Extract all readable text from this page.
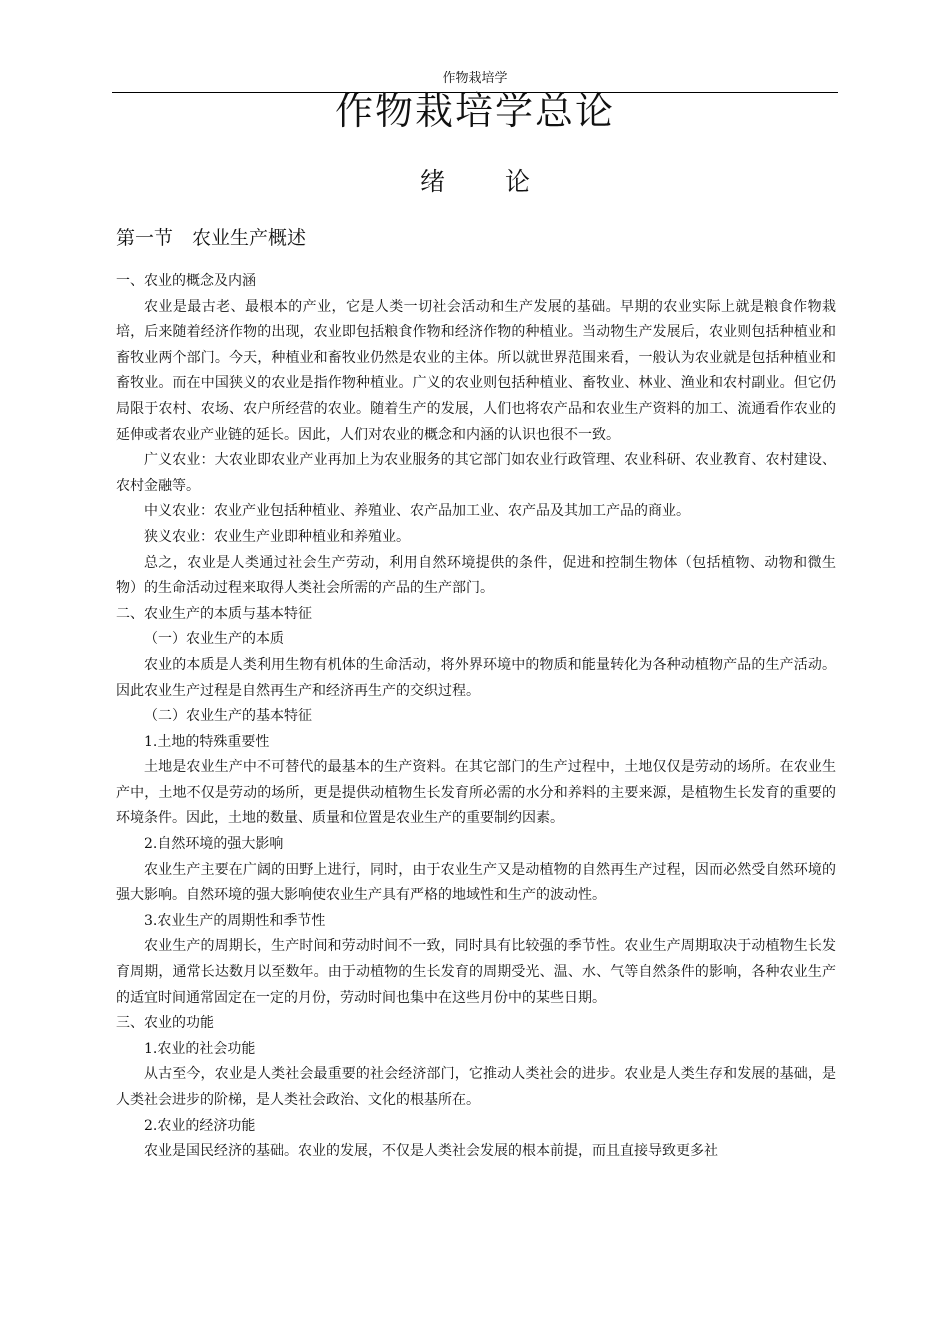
作物栽培学
作物栽培学总论
绪 论
第一节　农业生产概述

一、农业的概念及内涵

农业是最古老、最根本的产业，它是人类一切社会活动和生产发展的基础。早期的农业实际上就是粮食作物栽培，后来随着经济作物的出现，农业即包括粮食作物和经济作物的种植业。当动物生产发展后，农业则包括种植业和畜牧业两个部门。今天，种植业和畜牧业仍然是农业的主体。所以就世界范围来看，一般认为农业就是包括种植业和畜牧业。而在中国狭义的农业是指作物种植业。广义的农业则包括种植业、畜牧业、林业、渔业和农村副业。但它仍局限于农村、农场、农户所经营的农业。随着生产的发展，人们也将农产品和农业生产资料的加工、流通看作农业的延伸或者农业产业链的延长。因此，人们对农业的概念和内涵的认识也很不一致。

广义农业：大农业即农业产业再加上为农业服务的其它部门如农业行政管理、农业科研、农业教育、农村建设、农村金融等。

中义农业：农业产业包括种植业、养殖业、农产品加工业、农产品及其加工产品的商业。

狭义农业：农业生产业即种植业和养殖业。

总之，农业是人类通过社会生产劳动，利用自然环境提供的条件，促进和控制生物体（包括植物、动物和微生物）的生命活动过程来取得人类社会所需的产品的生产部门。

二、农业生产的本质与基本特征

（一）农业生产的本质

农业的本质是人类利用生物有机体的生命活动，将外界环境中的物质和能量转化为各种动植物产品的生产活动。因此农业生产过程是自然再生产和经济再生产的交织过程。

（二）农业生产的基本特征

1.土地的特殊重要性

土地是农业生产中不可替代的最基本的生产资料。在其它部门的生产过程中，土地仅仅是劳动的场所。在农业生产中，土地不仅是劳动的场所，更是提供动植物生长发育所必需的水分和养料的主要来源，是植物生长发育的重要的环境条件。因此，土地的数量、质量和位置是农业生产的重要制约因素。

2.自然环境的强大影响

农业生产主要在广阔的田野上进行，同时，由于农业生产又是动植物的自然再生产过程，因而必然受自然环境的强大影响。自然环境的强大影响使农业生产具有严格的地域性和生产的波动性。

3.农业生产的周期性和季节性

农业生产的周期长，生产时间和劳动时间不一致，同时具有比较强的季节性。农业生产周期取决于动植物生长发育周期，通常长达数月以至数年。由于动植物的生长发育的周期受光、温、水、气等自然条件的影响，各种农业生产的适宜时间通常固定在一定的月份，劳动时间也集中在这些月份中的某些日期。

三、农业的功能

1.农业的社会功能

从古至今，农业是人类社会最重要的社会经济部门，它推动人类社会的进步。农业是人类生存和发展的基础，是人类社会进步的阶梯，是人类社会政治、文化的根基所在。

2.农业的经济功能

农业是国民经济的基础。农业的发展，不仅是人类社会发展的根本前提，而且直接导致更多社
